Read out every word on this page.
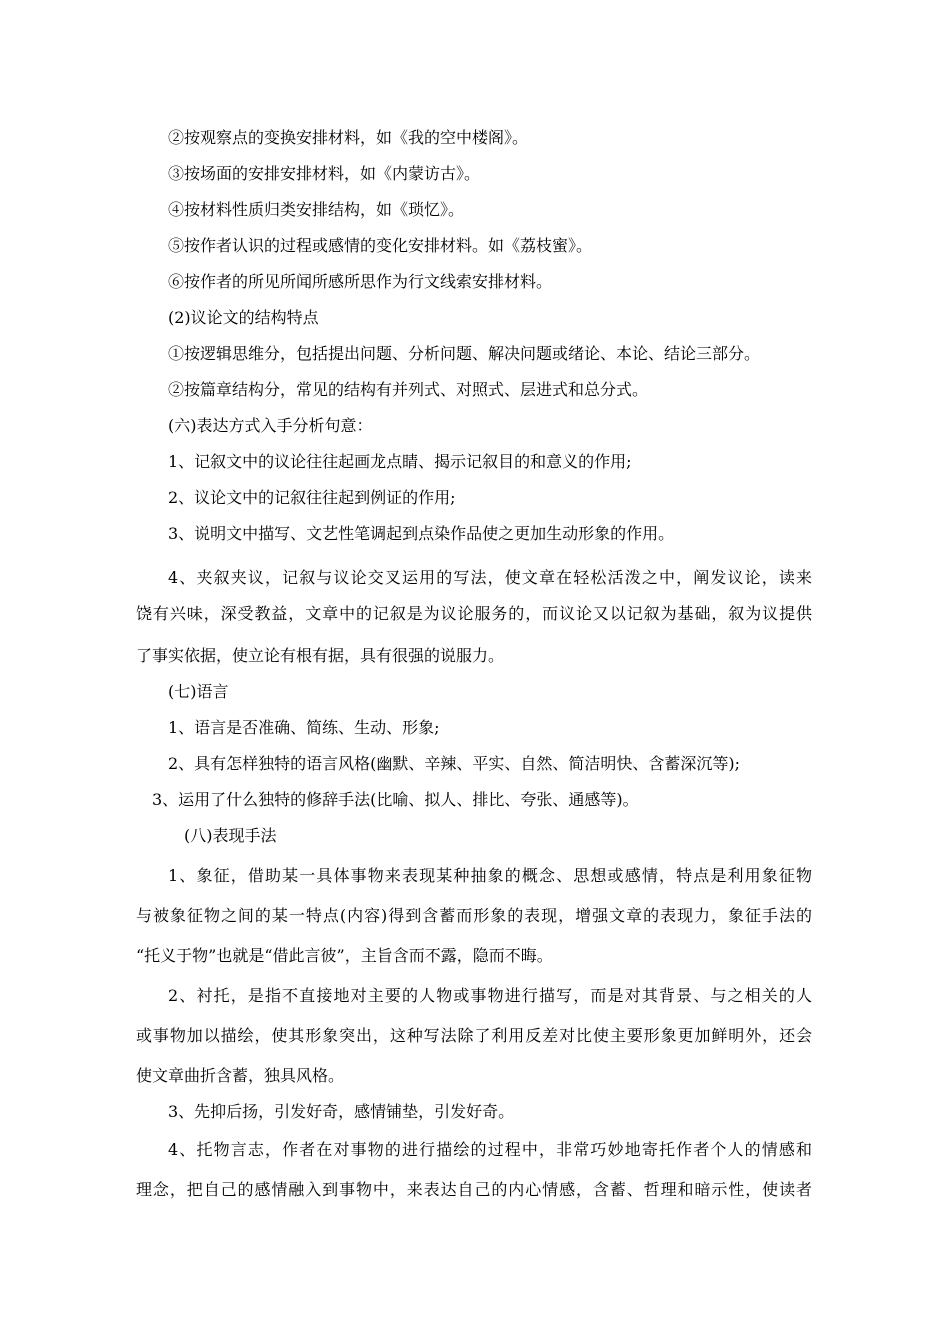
②按观察点的变换安排材料，如《我的空中楼阁》。
③按场面的安排安排材料，如《内蒙访古》。
④按材料性质归类安排结构，如《琐忆》。
⑤按作者认识的过程或感情的变化安排材料。如《荔枝蜜》。
⑥按作者的所见所闻所感所思作为行文线索安排材料。
(2)议论文的结构特点
①按逻辑思维分，包括提出问题、分析问题、解决问题或绪论、本论、结论三部分。
②按篇章结构分，常见的结构有并列式、对照式、层进式和总分式。
(六)表达方式入手分析句意：
1、记叙文中的议论往往起画龙点睛、揭示记叙目的和意义的作用;
2、议论文中的记叙往往起到例证的作用;
3、说明文中描写、文艺性笔调起到点染作品使之更加生动形象的作用。
4、夹叙夹议，记叙与议论交叉运用的写法，使文章在轻松活泼之中，阐发议论，读来
饶有兴味，深受教益，文章中的记叙是为议论服务的，而议论又以记叙为基础，叙为议提供
了事实依据，使立论有根有据，具有很强的说服力。
(七)语言
1、语言是否准确、简练、生动、形象;
2、具有怎样独特的语言风格(幽默、辛辣、平实、自然、简洁明快、含蓄深沉等);
3、运用了什么独特的修辞手法(比喻、拟人、排比、夸张、通感等)。
(八)表现手法
1、象征，借助某一具体事物来表现某种抽象的概念、思想或感情，特点是利用象征物
与被象征物之间的某一特点(内容)得到含蓄而形象的表现，增强文章的表现力，象征手法的
“托义于物”也就是“借此言彼”，主旨含而不露，隐而不晦。
2、衬托，是指不直接地对主要的人物或事物进行描写，而是对其背景、与之相关的人
或事物加以描绘，使其形象突出，这种写法除了利用反差对比使主要形象更加鲜明外，还会
使文章曲折含蓄，独具风格。
3、先抑后扬，引发好奇，感情铺垫，引发好奇。
4、托物言志，作者在对事物的进行描绘的过程中，非常巧妙地寄托作者个人的情感和
理念，把自己的感情融入到事物中，来表达自己的内心情感，含蓄、哲理和暗示性，使读者
